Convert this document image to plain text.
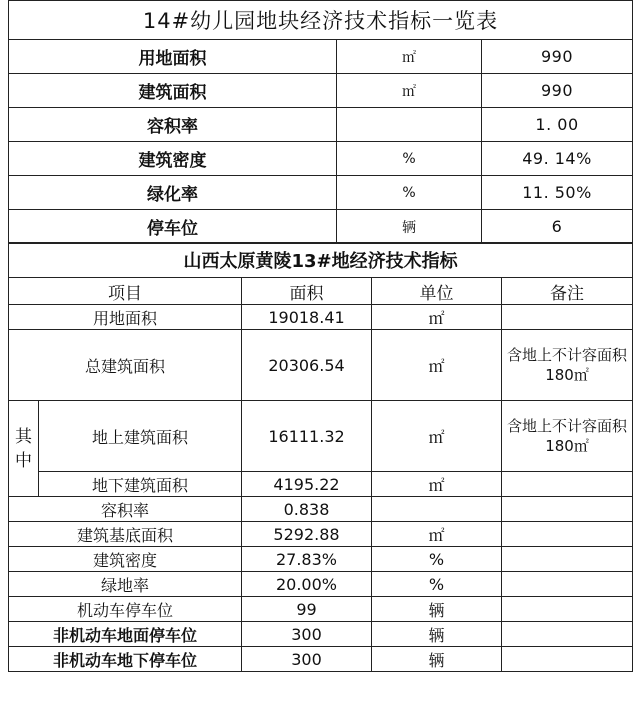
14#幼儿园地块经济技术指标一览表		
用地面积	㎡	990
建筑面积	㎡	990
容积率		1. 00
建筑密度	%	49. 14%
绿化率	%	11. 50%
停车位	辆	6
山西太原黄陵13#地经济技术指标				
项目		面积	单位	备注
用地面积		19018.41	㎡	
总建筑面积		20306.54	㎡	含地上不计容面积180㎡
其中	地上建筑面积	16111.32	㎡	含地上不计容面积180㎡
	地下建筑面积	4195.22	㎡	
容积率		0.838		
建筑基底面积		5292.88	㎡	
建筑密度		27.83%	%	
绿地率		20.00%	%	
机动车停车位		99	辆	
非机动车地面停车位		300	辆	
非机动车地下停车位		300	辆	
